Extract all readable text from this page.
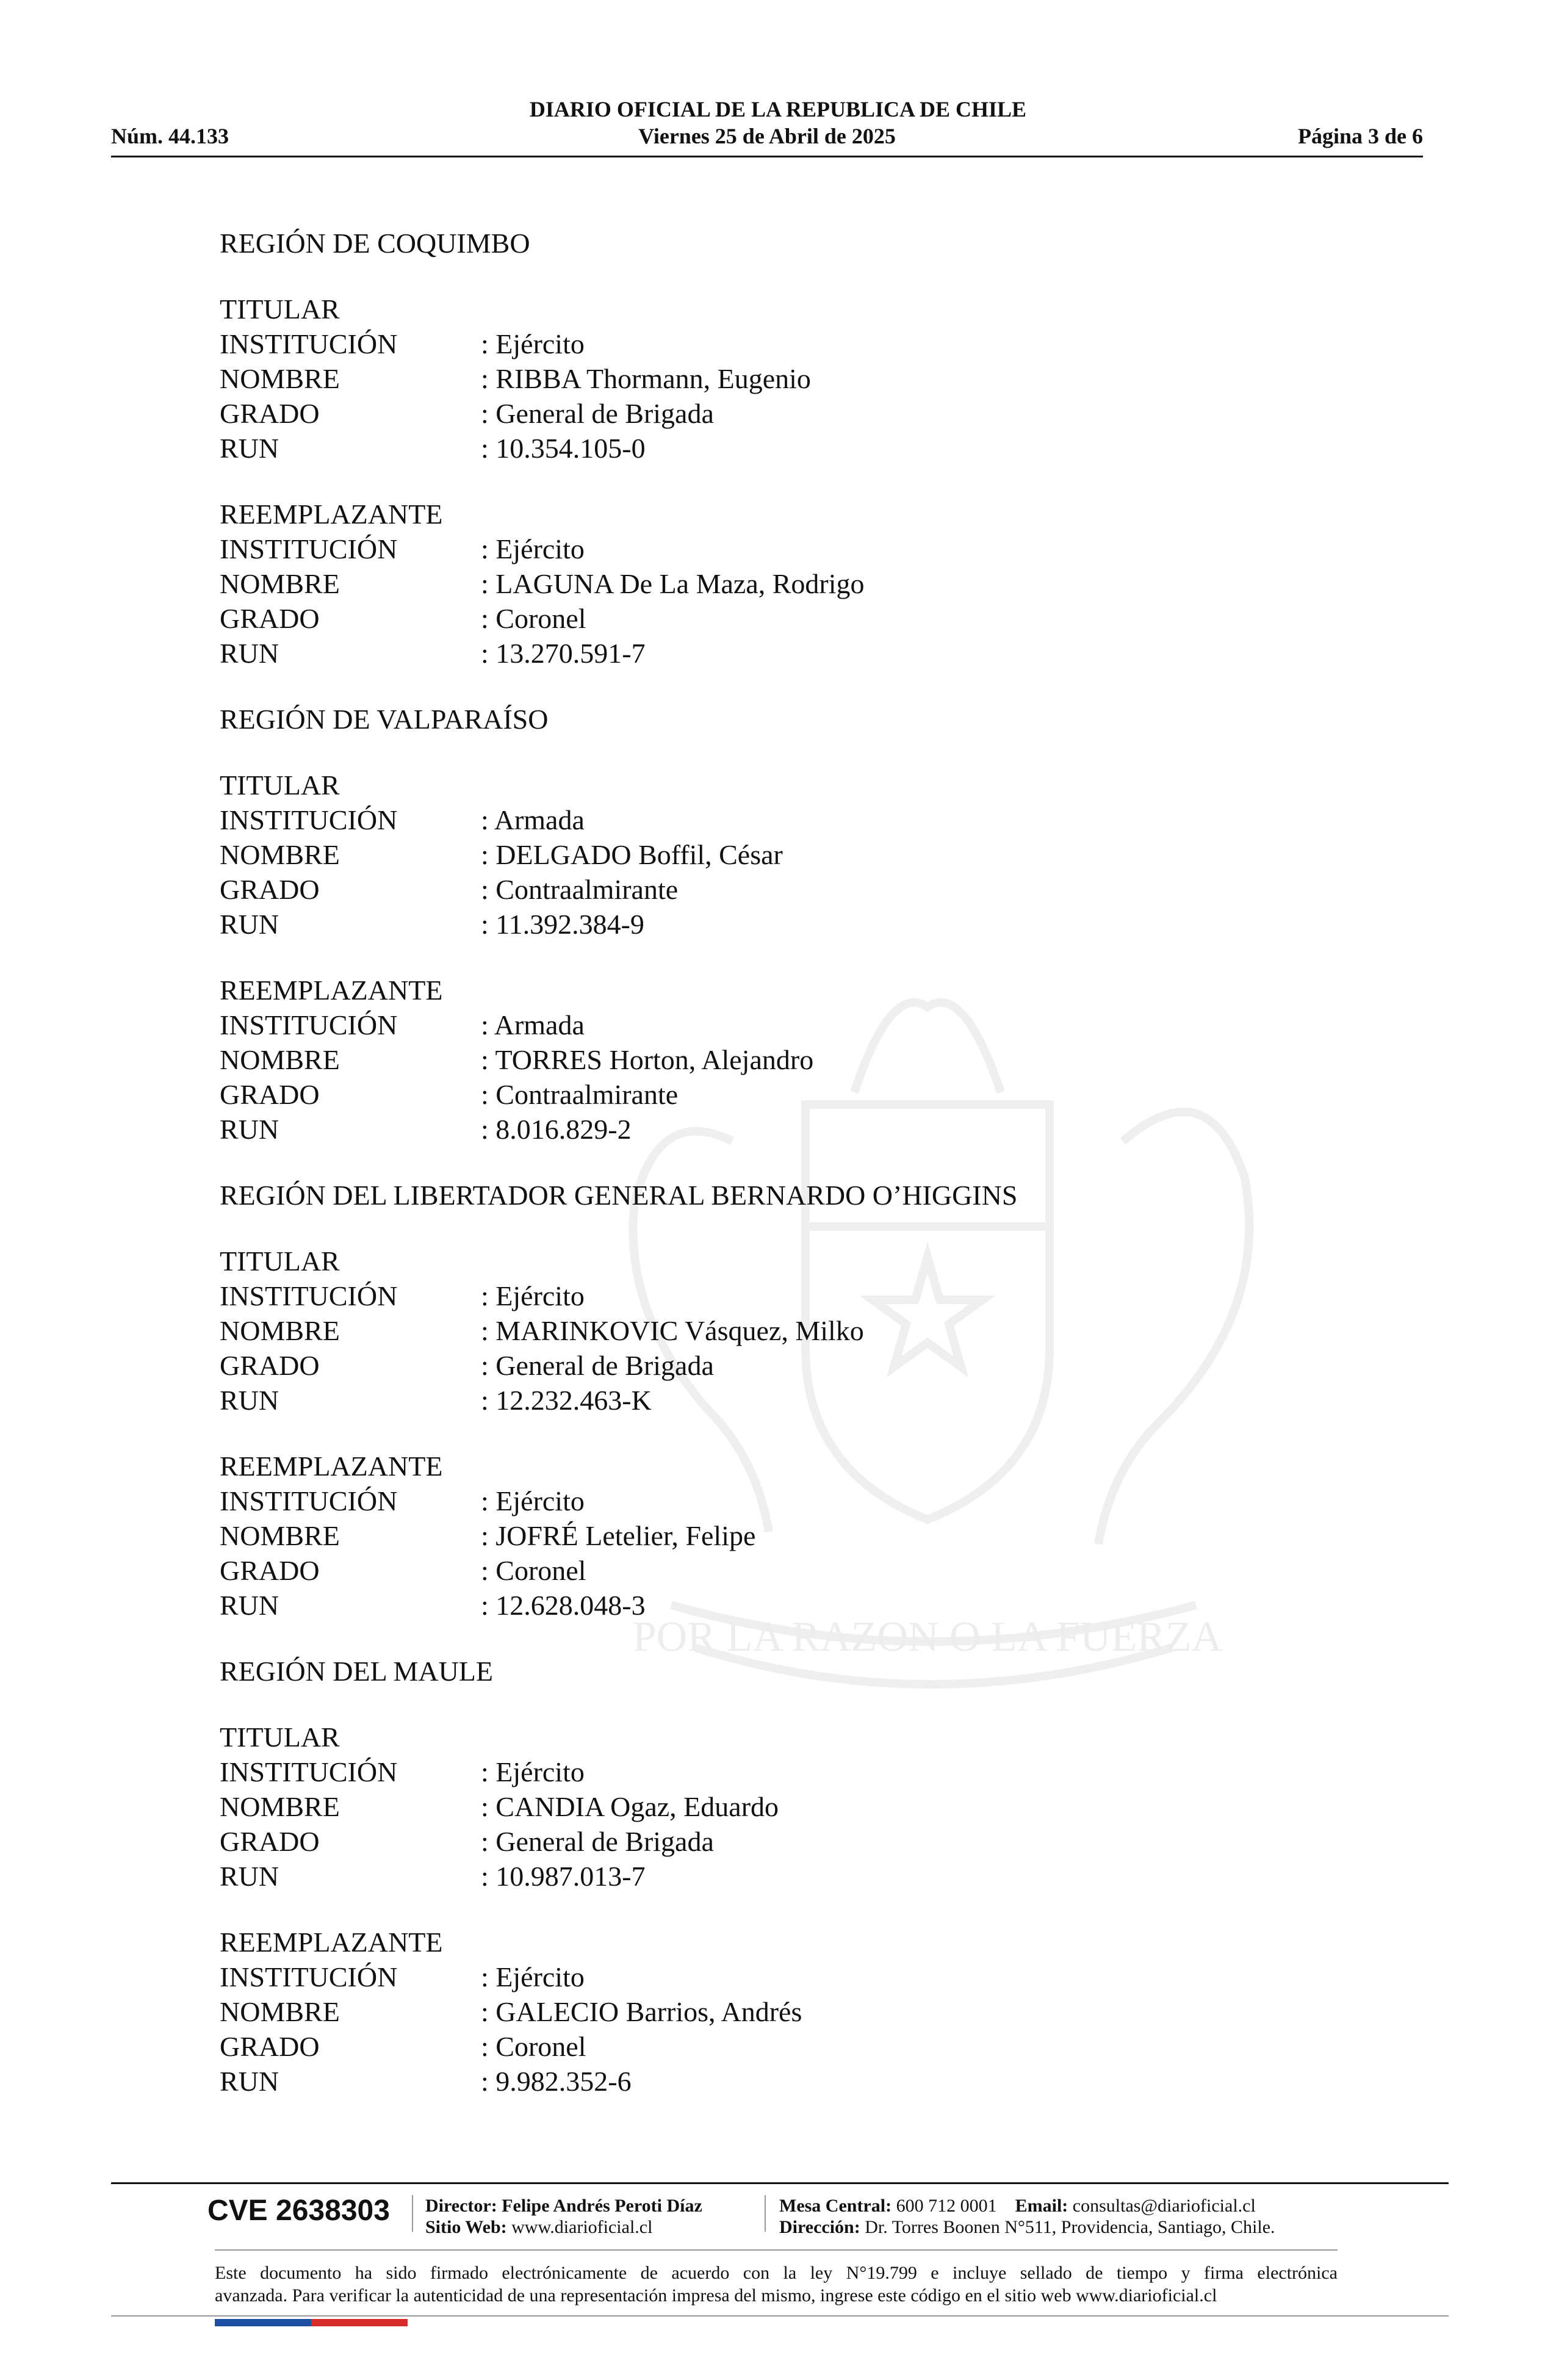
POR LA RAZON O LA FUERZA
DIARIO OFICIAL DE LA REPUBLICA DE CHILE
Núm. 44.133	Viernes 25 de Abril de 2025	Página 3 de 6
REGIÓN DE COQUIMBO
TITULAR
INSTITUCIÓN	: Ejército
NOMBRE	: RIBBA Thormann, Eugenio
GRADO	: General de Brigada
RUN	: 10.354.105-0
REEMPLAZANTE
INSTITUCIÓN	: Ejército
NOMBRE	: LAGUNA De La Maza, Rodrigo
GRADO	: Coronel
RUN	: 13.270.591-7
REGIÓN DE VALPARAÍSO
TITULAR
INSTITUCIÓN	: Armada
NOMBRE	: DELGADO Boffil, César
GRADO	: Contraalmirante
RUN	: 11.392.384-9
REEMPLAZANTE
INSTITUCIÓN	: Armada
NOMBRE	: TORRES Horton, Alejandro
GRADO	: Contraalmirante
RUN	: 8.016.829-2
REGIÓN DEL LIBERTADOR GENERAL BERNARDO O’HIGGINS
TITULAR
INSTITUCIÓN	: Ejército
NOMBRE	: MARINKOVIC Vásquez, Milko
GRADO	: General de Brigada
RUN	: 12.232.463-K
REEMPLAZANTE
INSTITUCIÓN	: Ejército
NOMBRE	: JOFRÉ Letelier, Felipe
GRADO	: Coronel
RUN	: 12.628.048-3
REGIÓN DEL MAULE
TITULAR
INSTITUCIÓN	: Ejército
NOMBRE	: CANDIA Ogaz, Eduardo
GRADO	: General de Brigada
RUN	: 10.987.013-7
REEMPLAZANTE
INSTITUCIÓN	: Ejército
NOMBRE	: GALECIO Barrios, Andrés
GRADO	: Coronel
RUN	: 9.982.352-6
CVE 2638303 Director: Felipe Andrés Peroti Díaz
Sitio Web: www.diarioficial.cl
Mesa Central: 600 712 0001 Email: consultas@diarioficial.cl
Dirección: Dr. Torres Boonen N°511, Providencia, Santiago, Chile.
Este documento ha sido firmado electrónicamente de acuerdo con la ley N°19.799 e incluye sellado de tiempo y firma electrónica
avanzada. Para verificar la autenticidad de una representación impresa del mismo, ingrese este código en el sitio web www.diarioficial.cl
